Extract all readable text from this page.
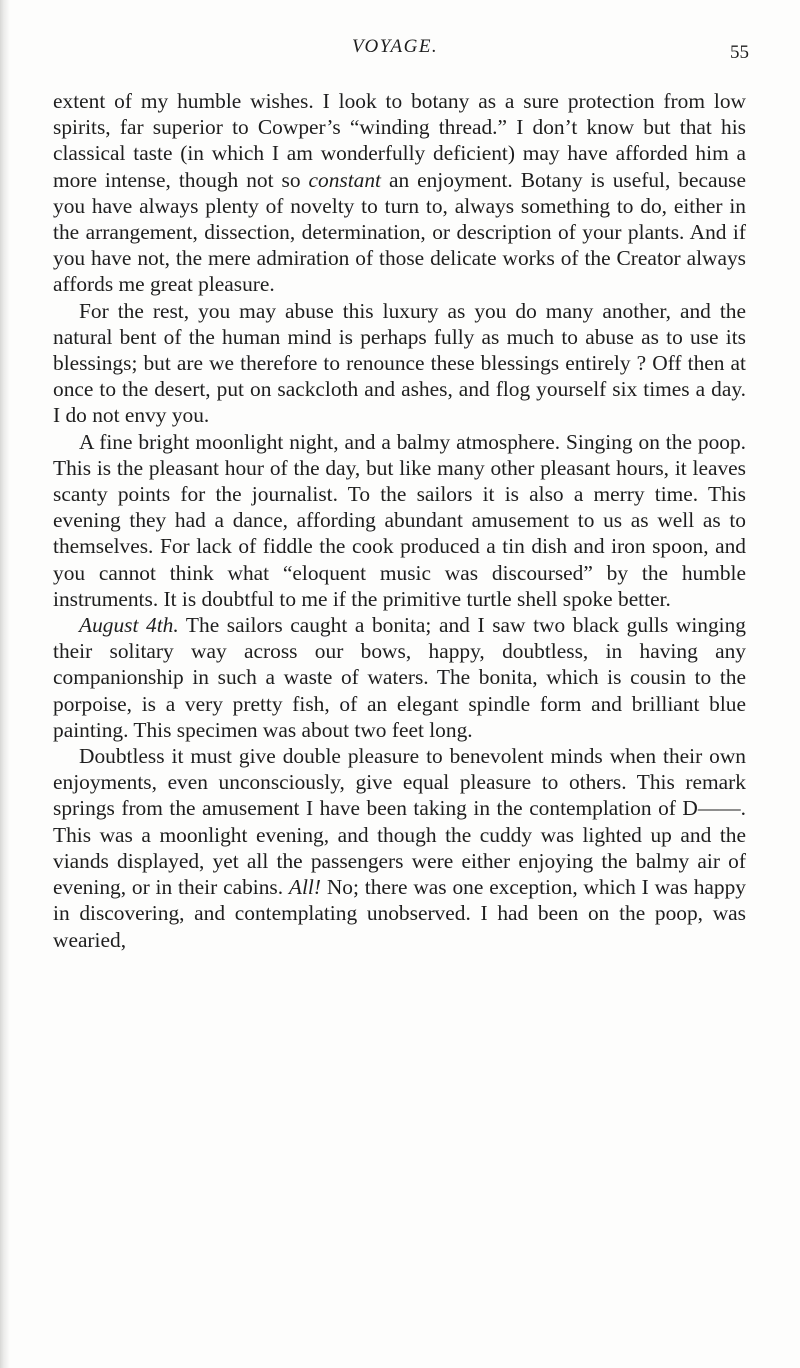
VOYAGE.	55

extent of my humble wishes. I look to botany as a sure protection from low spirits, far superior to Cowper’s “winding thread.” I don’t know but that his classical taste (in which I am wonderfully deficient) may have afforded him a more intense, though not so constant an enjoyment. Botany is useful, because you have always plenty of novelty to turn to, always something to do, either in the arrangement, dissection, determination, or description of your plants. And if you have not, the mere admiration of those delicate works of the Creator always affords me great pleasure.

For the rest, you may abuse this luxury as you do many another, and the natural bent of the human mind is perhaps fully as much to abuse as to use its blessings; but are we therefore to renounce these blessings entirely ? Off then at once to the desert, put on sackcloth and ashes, and flog yourself six times a day. I do not envy you.

A fine bright moonlight night, and a balmy atmosphere. Singing on the poop. This is the pleasant hour of the day, but like many other pleasant hours, it leaves scanty points for the journalist. To the sailors it is also a merry time. This evening they had a dance, affording abundant amusement to us as well as to themselves. For lack of fiddle the cook produced a tin dish and iron spoon, and you cannot think what “eloquent music was discoursed” by the humble instruments. It is doubtful to me if the primitive turtle shell spoke better.

August 4th. The sailors caught a bonita; and I saw two black gulls winging their solitary way across our bows, happy, doubtless, in having any companionship in such a waste of waters. The bonita, which is cousin to the porpoise, is a very pretty fish, of an elegant spindle form and brilliant blue painting. This specimen was about two feet long.

Doubtless it must give double pleasure to benevolent minds when their own enjoyments, even unconsciously, give equal pleasure to others. This remark springs from the amusement I have been taking in the contemplation of D——. This was a moonlight evening, and though the cuddy was lighted up and the viands displayed, yet all the passengers were either enjoying the balmy air of evening, or in their cabins. All! No; there was one exception, which I was happy in discovering, and contemplating unobserved. I had been on the poop, was wearied,
